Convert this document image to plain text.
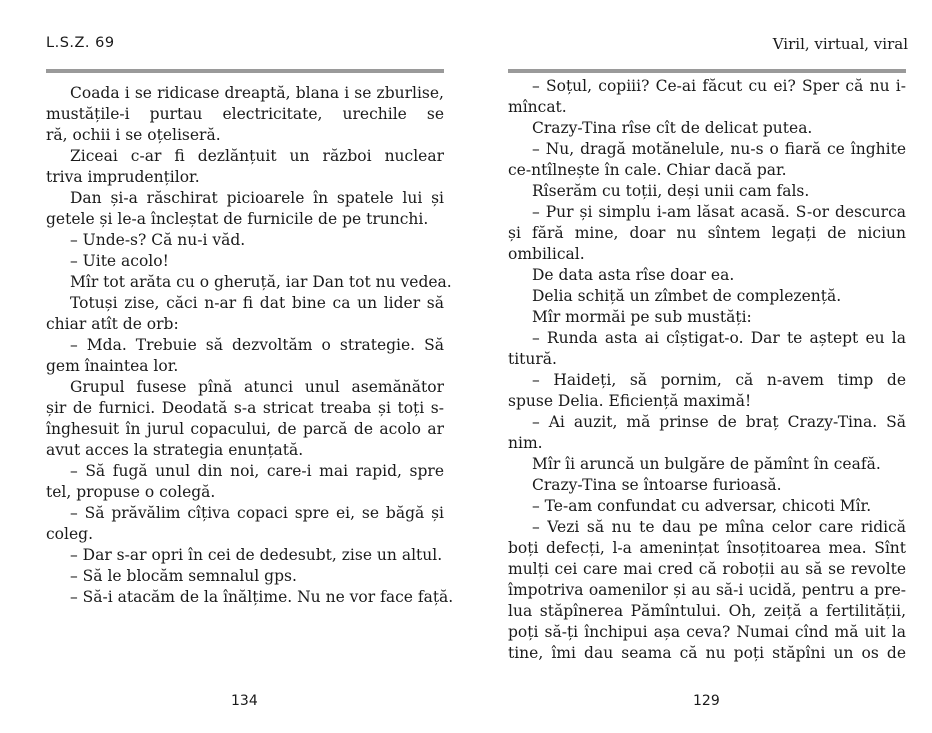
L.S.Z. 69
Coada i se ridicase dreaptă, blana i se zburlise,
mustățile-i purtau electricitate, urechile se
ră, ochii i se oțeliseră.
Ziceai c-ar fi dezlănțuit un război nuclear
triva imprudenților.
Dan și-a răschirat picioarele în spatele lui și
getele și le-a încleștat de furnicile de pe trunchi.
– Unde-s? Că nu-i văd.
– Uite acolo!
Mîr tot arăta cu o gheruță, iar Dan tot nu vedea.
Totuși zise, căci n-ar fi dat bine ca un lider să
chiar atît de orb:
– Mda. Trebuie să dezvoltăm o strategie. Să
gem înaintea lor.
Grupul fusese pînă atunci unul asemănător
șir de furnici. Deodată s-a stricat treaba și toți s-
înghesuit în jurul copacului, de parcă de acolo ar
avut acces la strategia enunțată.
– Să fugă unul din noi, care-i mai rapid, spre
tel, propuse o colegă.
– Să prăvălim cîțiva copaci spre ei, se băgă și
coleg.
– Dar s-ar opri în cei de dedesubt, zise un altul.
– Să le blocăm semnalul gps.
– Să-i atacăm de la înălțime. Nu ne vor face față.
134
Viril, virtual, viral
– Soțul, copiii? Ce-ai făcut cu ei? Sper că nu i-
mîncat.
Crazy-Tina rîse cît de delicat putea.
– Nu, dragă motănelule, nu-s o fiară ce înghite
ce-ntîlnește în cale. Chiar dacă par.
Rîserăm cu toții, deși unii cam fals.
– Pur și simplu i-am lăsat acasă. S-or descurca
și fără mine, doar nu sîntem legați de niciun
ombilical.
De data asta rîse doar ea.
Delia schiță un zîmbet de complezență.
Mîr mormăi pe sub mustăți:
– Runda asta ai cîștigat-o. Dar te aștept eu la
titură.
– Haideți, să pornim, că n-avem timp de
spuse Delia. Eficiență maximă!
– Ai auzit, mă prinse de braț Crazy-Tina. Să
nim.
Mîr îi aruncă un bulgăre de pămînt în ceafă.
Crazy-Tina se întoarse furioasă.
– Te-am confundat cu adversar, chicoti Mîr.
– Vezi să nu te dau pe mîna celor care ridică
boți defecți, l-a amenințat însoțitoarea mea. Sînt
mulți cei care mai cred că roboții au să se revolte
împotriva oamenilor și au să-i ucidă, pentru a pre-
lua stăpînerea Pămîntului. Oh, zeiță a fertilității,
poți să-ți închipui așa ceva? Numai cînd mă uit la
tine, îmi dau seama că nu poți stăpîni un os de
129
